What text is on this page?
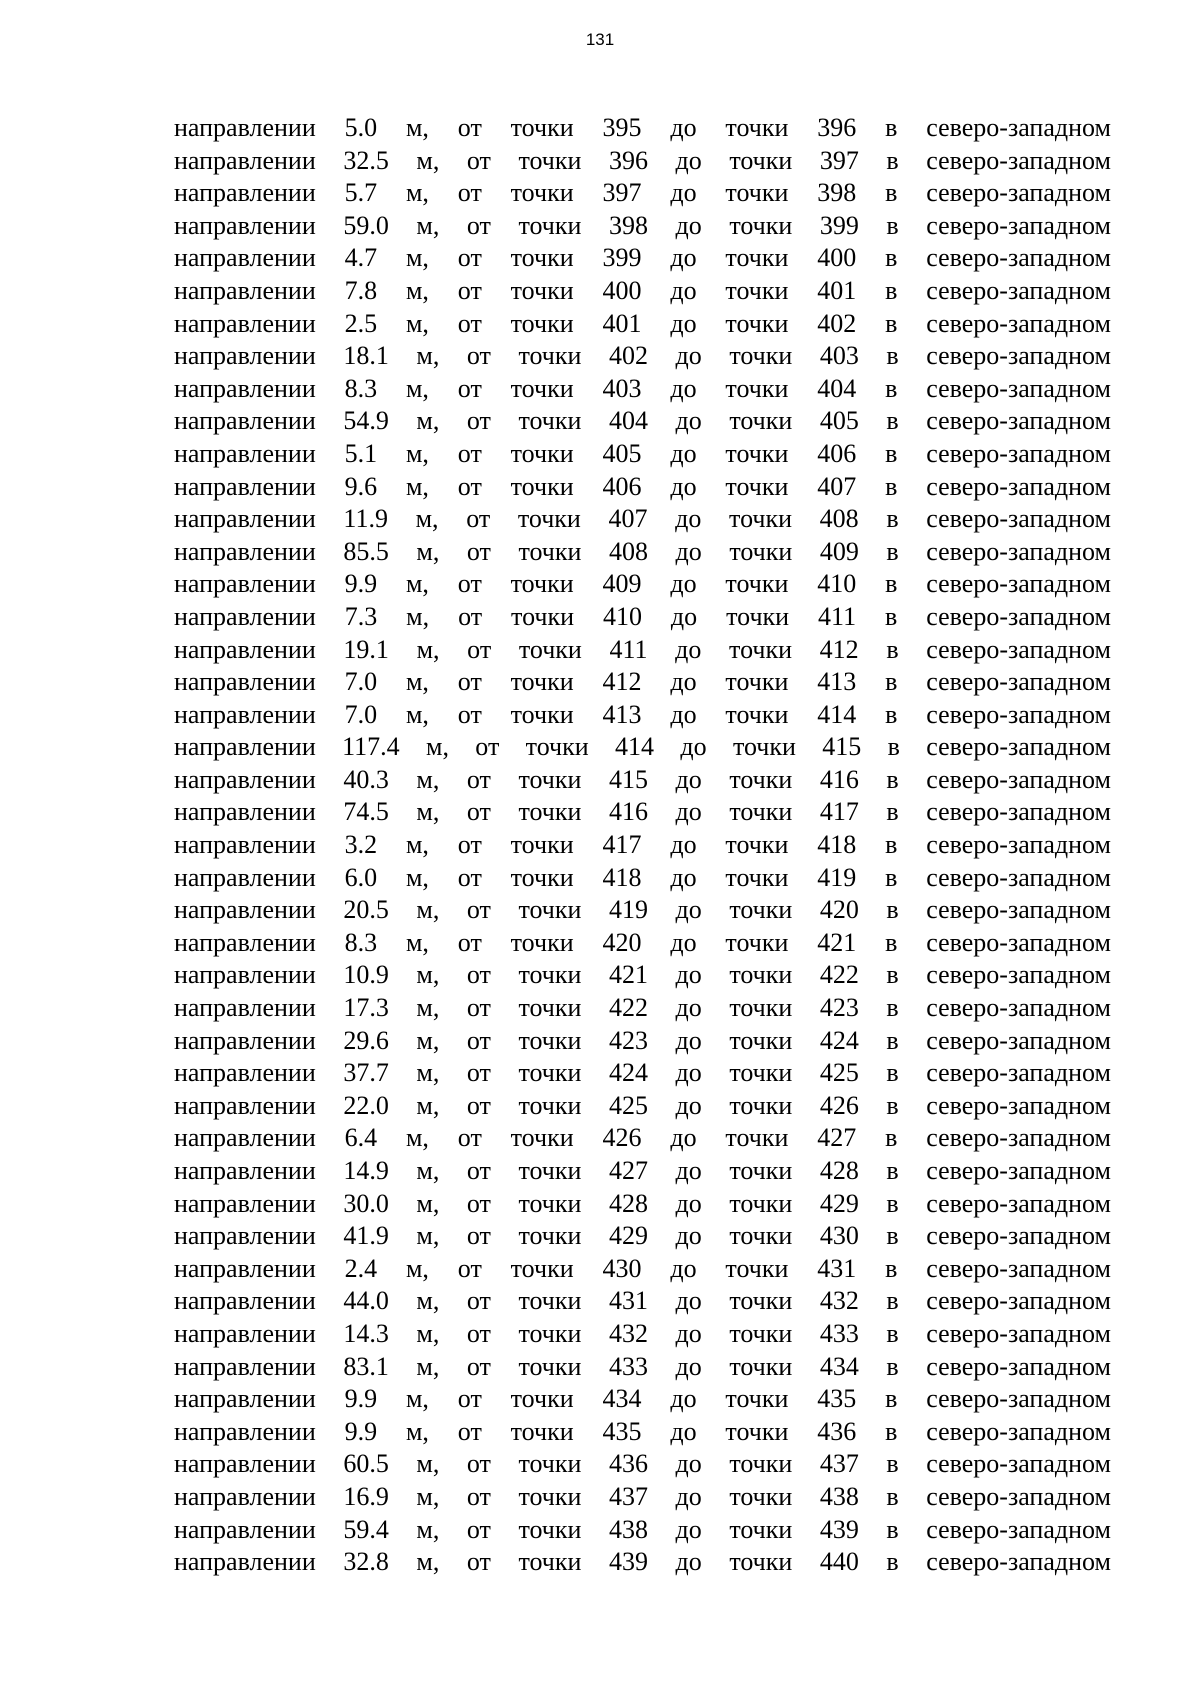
131
направлении 5.0 м, от точки 395 до точки 396 в северо-западном
направлении 32.5 м, от точки 396 до точки 397 в северо-западном
направлении 5.7 м, от точки 397 до точки 398 в северо-западном
направлении 59.0 м, от точки 398 до точки 399 в северо-западном
направлении 4.7 м, от точки 399 до точки 400 в северо-западном
направлении 7.8 м, от точки 400 до точки 401 в северо-западном
направлении 2.5 м, от точки 401 до точки 402 в северо-западном
направлении 18.1 м, от точки 402 до точки 403 в северо-западном
направлении 8.3 м, от точки 403 до точки 404 в северо-западном
направлении 54.9 м, от точки 404 до точки 405 в северо-западном
направлении 5.1 м, от точки 405 до точки 406 в северо-западном
направлении 9.6 м, от точки 406 до точки 407 в северо-западном
направлении 11.9 м, от точки 407 до точки 408 в северо-западном
направлении 85.5 м, от точки 408 до точки 409 в северо-западном
направлении 9.9 м, от точки 409 до точки 410 в северо-западном
направлении 7.3 м, от точки 410 до точки 411 в северо-западном
направлении 19.1 м, от точки 411 до точки 412 в северо-западном
направлении 7.0 м, от точки 412 до точки 413 в северо-западном
направлении 7.0 м, от точки 413 до точки 414 в северо-западном
направлении 117.4 м, от точки 414 до точки 415 в северо-западном
направлении 40.3 м, от точки 415 до точки 416 в северо-западном
направлении 74.5 м, от точки 416 до точки 417 в северо-западном
направлении 3.2 м, от точки 417 до точки 418 в северо-западном
направлении 6.0 м, от точки 418 до точки 419 в северо-западном
направлении 20.5 м, от точки 419 до точки 420 в северо-западном
направлении 8.3 м, от точки 420 до точки 421 в северо-западном
направлении 10.9 м, от точки 421 до точки 422 в северо-западном
направлении 17.3 м, от точки 422 до точки 423 в северо-западном
направлении 29.6 м, от точки 423 до точки 424 в северо-западном
направлении 37.7 м, от точки 424 до точки 425 в северо-западном
направлении 22.0 м, от точки 425 до точки 426 в северо-западном
направлении 6.4 м, от точки 426 до точки 427 в северо-западном
направлении 14.9 м, от точки 427 до точки 428 в северо-западном
направлении 30.0 м, от точки 428 до точки 429 в северо-западном
направлении 41.9 м, от точки 429 до точки 430 в северо-западном
направлении 2.4 м, от точки 430 до точки 431 в северо-западном
направлении 44.0 м, от точки 431 до точки 432 в северо-западном
направлении 14.3 м, от точки 432 до точки 433 в северо-западном
направлении 83.1 м, от точки 433 до точки 434 в северо-западном
направлении 9.9 м, от точки 434 до точки 435 в северо-западном
направлении 9.9 м, от точки 435 до точки 436 в северо-западном
направлении 60.5 м, от точки 436 до точки 437 в северо-западном
направлении 16.9 м, от точки 437 до точки 438 в северо-западном
направлении 59.4 м, от точки 438 до точки 439 в северо-западном
направлении 32.8 м, от точки 439 до точки 440 в северо-западном
